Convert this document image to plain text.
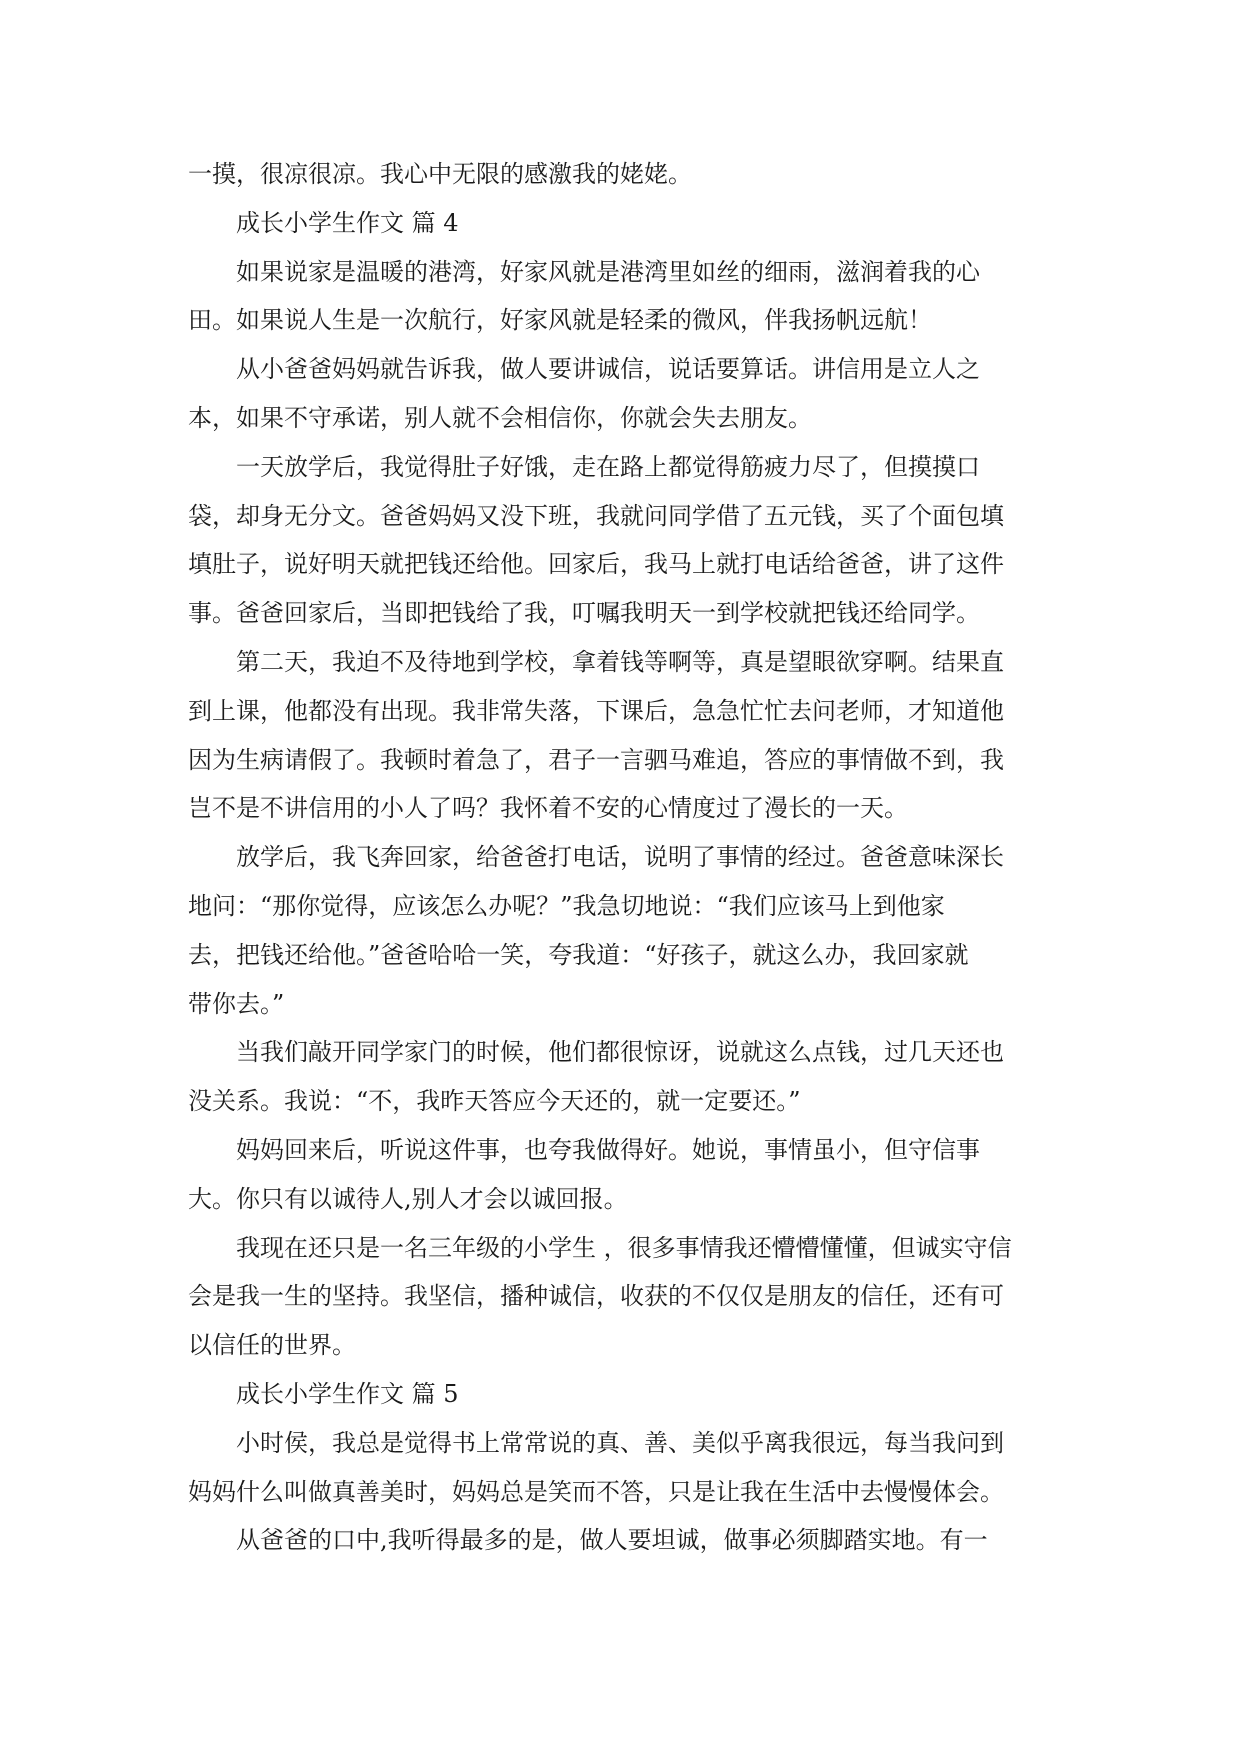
一摸，很凉很凉。我心中无限的感激我的姥姥。
成长小学生作文 篇 4
如果说家是温暖的港湾，好家风就是港湾里如丝的细雨，滋润着我的心
田。如果说人生是一次航行，好家风就是轻柔的微风，伴我扬帆远航！
从小爸爸妈妈就告诉我，做人要讲诚信，说话要算话。讲信用是立人之
本，如果不守承诺，别人就不会相信你，你就会失去朋友。
一天放学后，我觉得肚子好饿，走在路上都觉得筋疲力尽了，但摸摸口
袋，却身无分文。爸爸妈妈又没下班，我就问同学借了五元钱，买了个面包填
填肚子，说好明天就把钱还给他。回家后，我马上就打电话给爸爸，讲了这件
事。爸爸回家后，当即把钱给了我，叮嘱我明天一到学校就把钱还给同学。
第二天，我迫不及待地到学校，拿着钱等啊等，真是望眼欲穿啊。结果直
到上课，他都没有出现。我非常失落，下课后，急急忙忙去问老师，才知道他
因为生病请假了。我顿时着急了，君子一言驷马难追，答应的事情做不到，我
岂不是不讲信用的小人了吗？我怀着不安的心情度过了漫长的一天。
放学后，我飞奔回家，给爸爸打电话，说明了事情的经过。爸爸意味深长
地问：“那你觉得，应该怎么办呢？”我急切地说：“我们应该马上到他家
去，把钱还给他。”爸爸哈哈一笑，夸我道：“好孩子，就这么办，我回家就
带你去。”
当我们敲开同学家门的时候，他们都很惊讶，说就这么点钱，过几天还也
没关系。我说：“不，我昨天答应今天还的，就一定要还。”
妈妈回来后，听说这件事，也夸我做得好。她说，事情虽小，但守信事
大。你只有以诚待人,别人才会以诚回报。
我现在还只是一名三年级的小学生 ，很多事情我还懵懵懂懂，但诚实守信
会是我一生的坚持。我坚信，播种诚信，收获的不仅仅是朋友的信任，还有可
以信任的世界。
成长小学生作文 篇 5
小时侯，我总是觉得书上常常说的真、善、美似乎离我很远，每当我问到
妈妈什么叫做真善美时，妈妈总是笑而不答，只是让我在生活中去慢慢体会。
从爸爸的口中,我听得最多的是，做人要坦诚，做事必须脚踏实地。有一
